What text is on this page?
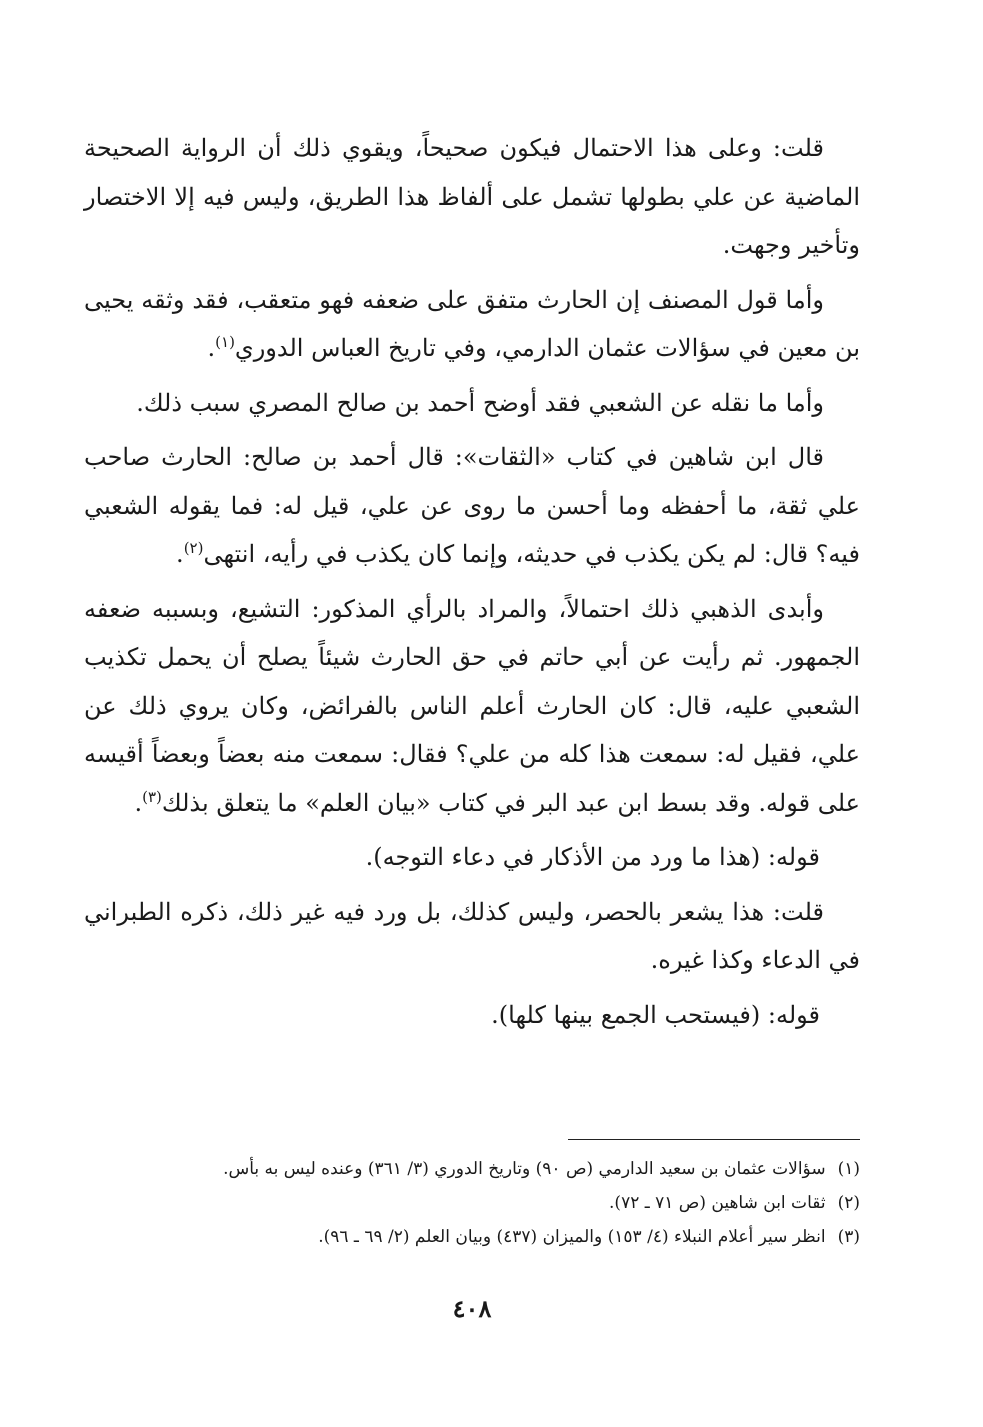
قلت: وعلى هذا الاحتمال فيكون صحيحاً، ويقوي ذلك أن الرواية الصحيحة الماضية عن علي بطولها تشمل على ألفاظ هذا الطريق، وليس فيه إلا الاختصار وتأخير وجهت.

وأما قول المصنف إن الحارث متفق على ضعفه فهو متعقب، فقد وثقه يحيى بن معين في سؤالات عثمان الدارمي، وفي تاريخ العباس الدوري$^{(١)}$.

وأما ما نقله عن الشعبي فقد أوضح أحمد بن صالح المصري سبب ذلك.

قال ابن شاهين في كتاب «الثقات»: قال أحمد بن صالح: الحارث صاحب علي ثقة، ما أحفظه وما أحسن ما روى عن علي، قيل له: فما يقوله الشعبي فيه؟ قال: لم يكن يكذب في حديثه، وإنما كان يكذب في رأيه، انتهى$^{(٢)}$.

وأبدى الذهبي ذلك احتمالاً، والمراد بالرأي المذكور: التشيع، وبسببه ضعفه الجمهور. ثم رأيت عن أبي حاتم في حق الحارث شيئاً يصلح أن يحمل تكذيب الشعبي عليه، قال: كان الحارث أعلم الناس بالفرائض، وكان يروي ذلك عن علي، فقيل له: سمعت هذا كله من علي؟ فقال: سمعت منه بعضاً وبعضاً أقيسه على قوله. وقد بسط ابن عبد البر في كتاب «بيان العلم» ما يتعلق بذلك$^{(٣)}$.

قوله: (هذا ما ورد من الأذكار في دعاء التوجه).

قلت: هذا يشعر بالحصر، وليس كذلك، بل ورد فيه غير ذلك، ذكره الطبراني في الدعاء وكذا غيره.

قوله: (فيستحب الجمع بينها كلها).

(١)
سؤالات عثمان بن سعيد الدارمي (ص ٩٠) وتاريخ الدوري (٣/ ٣٦١) وعنده ليس به بأس.
(٢)
ثقات ابن شاهين (ص ٧١ ـ ٧٢).
(٣)
انظر سير أعلام النبلاء (٤/ ١٥٣) والميزان (٤٣٧) وبيان العلم (٢/ ٦٩ ـ ٩٦).
٤٠٨
